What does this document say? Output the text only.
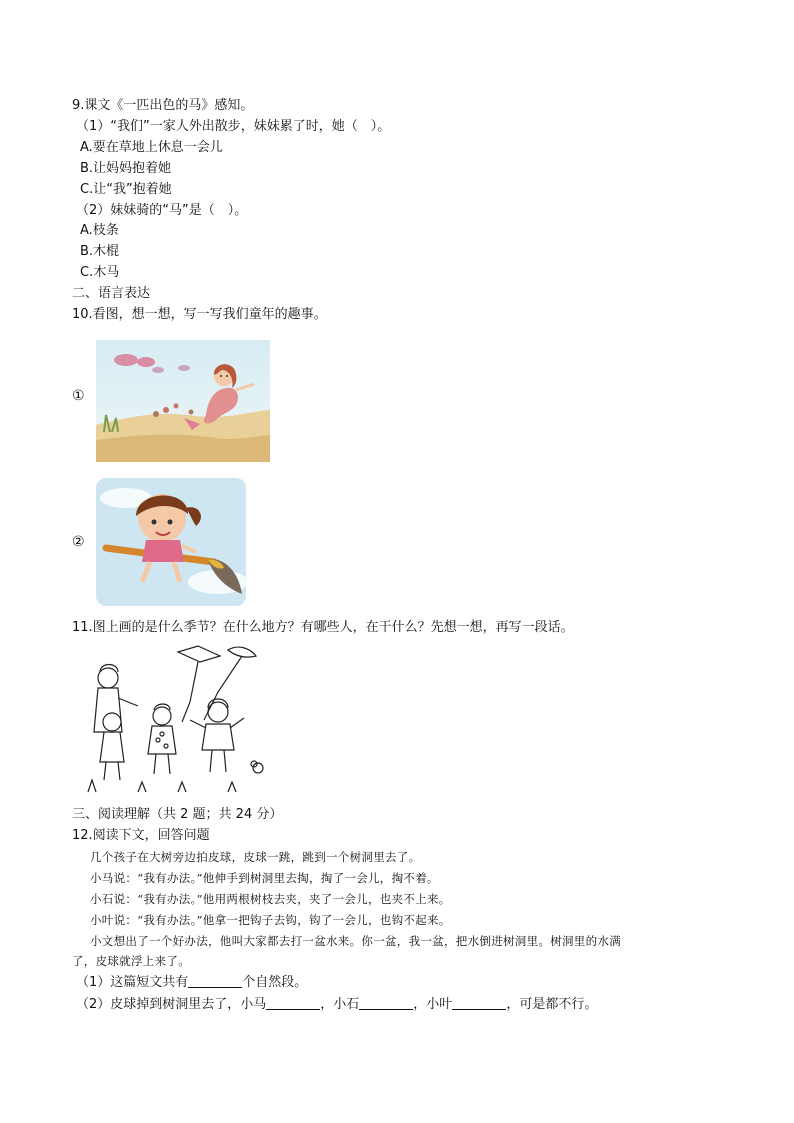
9.课文《一匹出色的马》感知。
（1）“我们”一家人外出散步，妹妹累了时，她（　）。
A.要在草地上休息一会儿
B.让妈妈抱着她
C.让“我”抱着她
（2）妹妹骑的“马”是（　）。
A.枝条
B.木棍
C.木马
二、语言表达
10.看图，想一想，写一写我们童年的趣事。
①
②
11.图上画的是什么季节？在什么地方？有哪些人，在干什么？先想一想，再写一段话。
三、阅读理解（共 2 题；共 24 分）
12.阅读下文，回答问题
几个孩子在大树旁边拍皮球，皮球一跳，跳到一个树洞里去了。
小马说：“我有办法。”他伸手到树洞里去掏，掏了一会儿，掏不着。
小石说：“我有办法。”他用两根树枝去夹，夹了一会儿，也夹不上来。
小叶说：“我有办法。”他拿一把钩子去钩，钩了一会儿，也钩不起来。
小文想出了一个好办法，他叫大家都去打一盆水来。你一盆，我一盆，把水倒进树洞里。树洞里的水满
了，皮球就浮上来了。
（1）这篇短文共有	个自然段。
（2）皮球掉到树洞里去了，小马	，小石	，小叶	，可是都不行。
